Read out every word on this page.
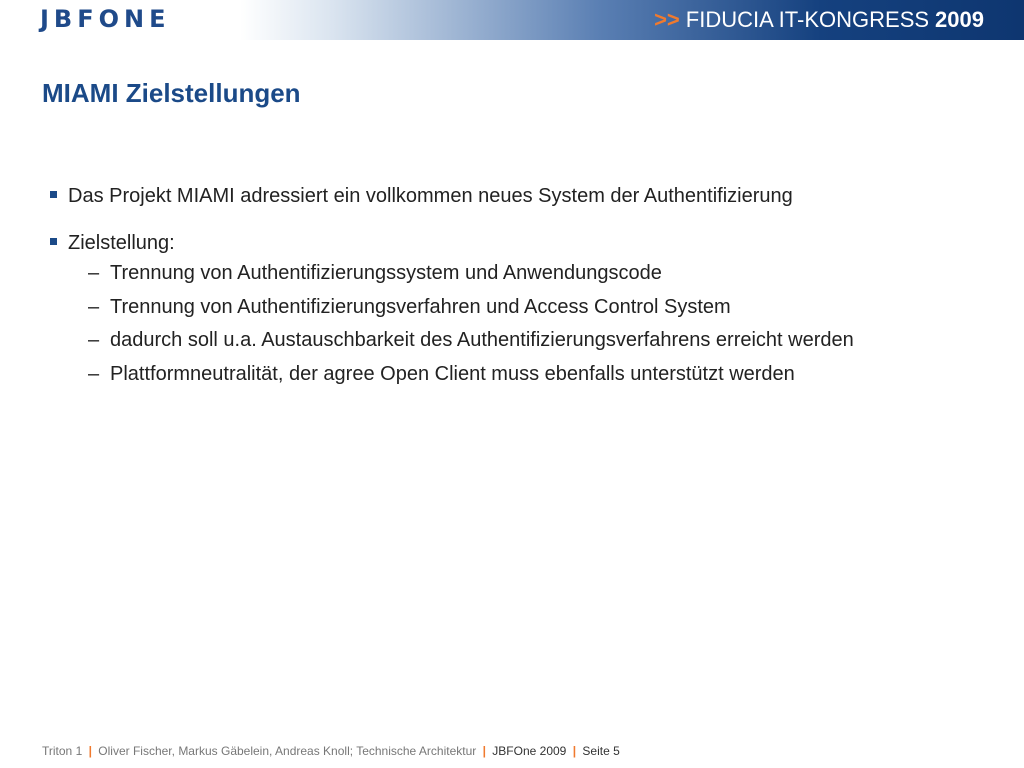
JBFONE	>> FIDUCIA IT-KONGRESS 2009
MIAMI Zielstellungen
Das Projekt MIAMI adressiert ein vollkommen neues System der Authentifizierung
Zielstellung:
– Trennung von Authentifizierungssystem und Anwendungscode
– Trennung von Authentifizierungsverfahren und Access Control System
– dadurch soll u.a. Austauschbarkeit des Authentifizierungsverfahrens erreicht werden
– Plattformneutralität, der agree Open Client muss ebenfalls unterstützt werden
Triton 1 | Oliver Fischer, Markus Gäbelein, Andreas Knoll; Technische Architektur | JBFOne 2009 | Seite 5
